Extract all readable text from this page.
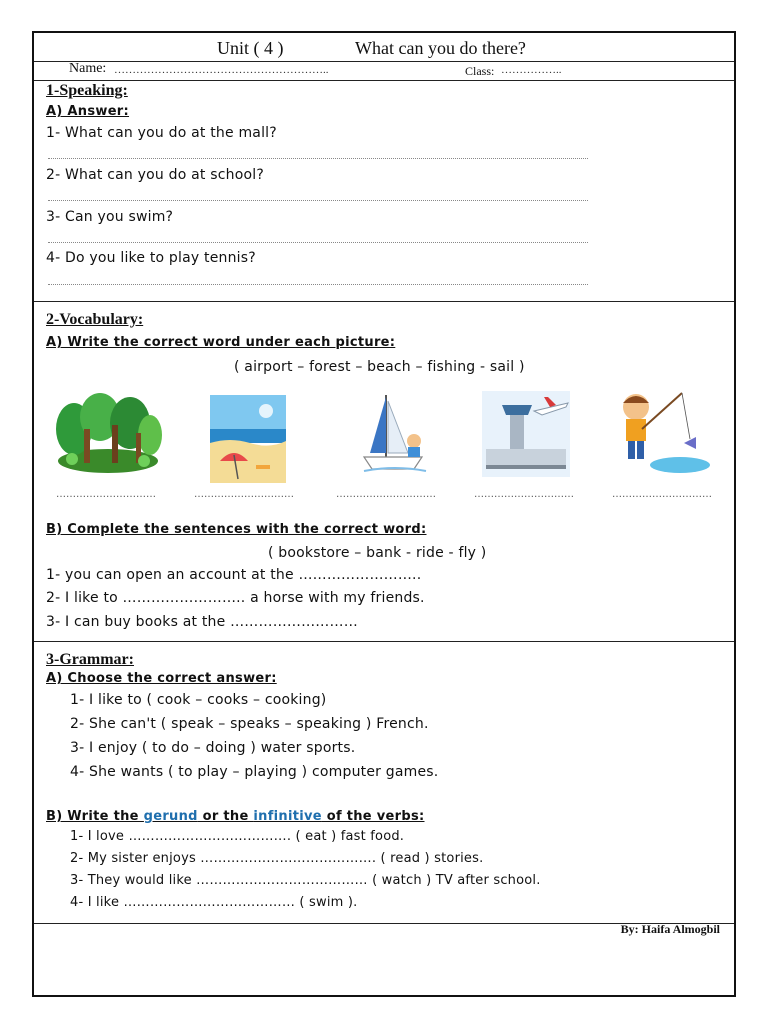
Unit ( 4 )	What can you do there?
Name: …………………………………………………..	Class: ……………..
1-Speaking:
A) Answer:
1- What can you do at the mall?
2- What can you do at school?
3- Can you swim?
4- Do you like to play tennis?
2-Vocabulary:
A) Write the correct word under each picture:
( airport – forest – beach – fishing - sail )
…………………………	…………………………	…………………………	…………………………	…………………………
B) Complete the sentences with the correct word:
( bookstore – bank - ride - fly )
1- you can open an account at the ……………………..
2- I like to …………………….. a horse with my friends.
3- I can buy books at the ………………………
3-Grammar:
A) Choose the correct answer:
1- I like to ( cook – cooks – cooking)
2- She can't ( speak – speaks – speaking ) French.
3- I enjoy ( to do – doing ) water sports.
4- She wants ( to play – playing ) computer games.
B) Write the gerund or the infinitive of the verbs:
1- I love ………………………………. ( eat ) fast food.
2- My sister enjoys …………………………………. ( read ) stories.
3- They would like ………………………………… ( watch ) TV after school.
4- I like ………………………………… ( swim ).
By: Haifa Almogbil
